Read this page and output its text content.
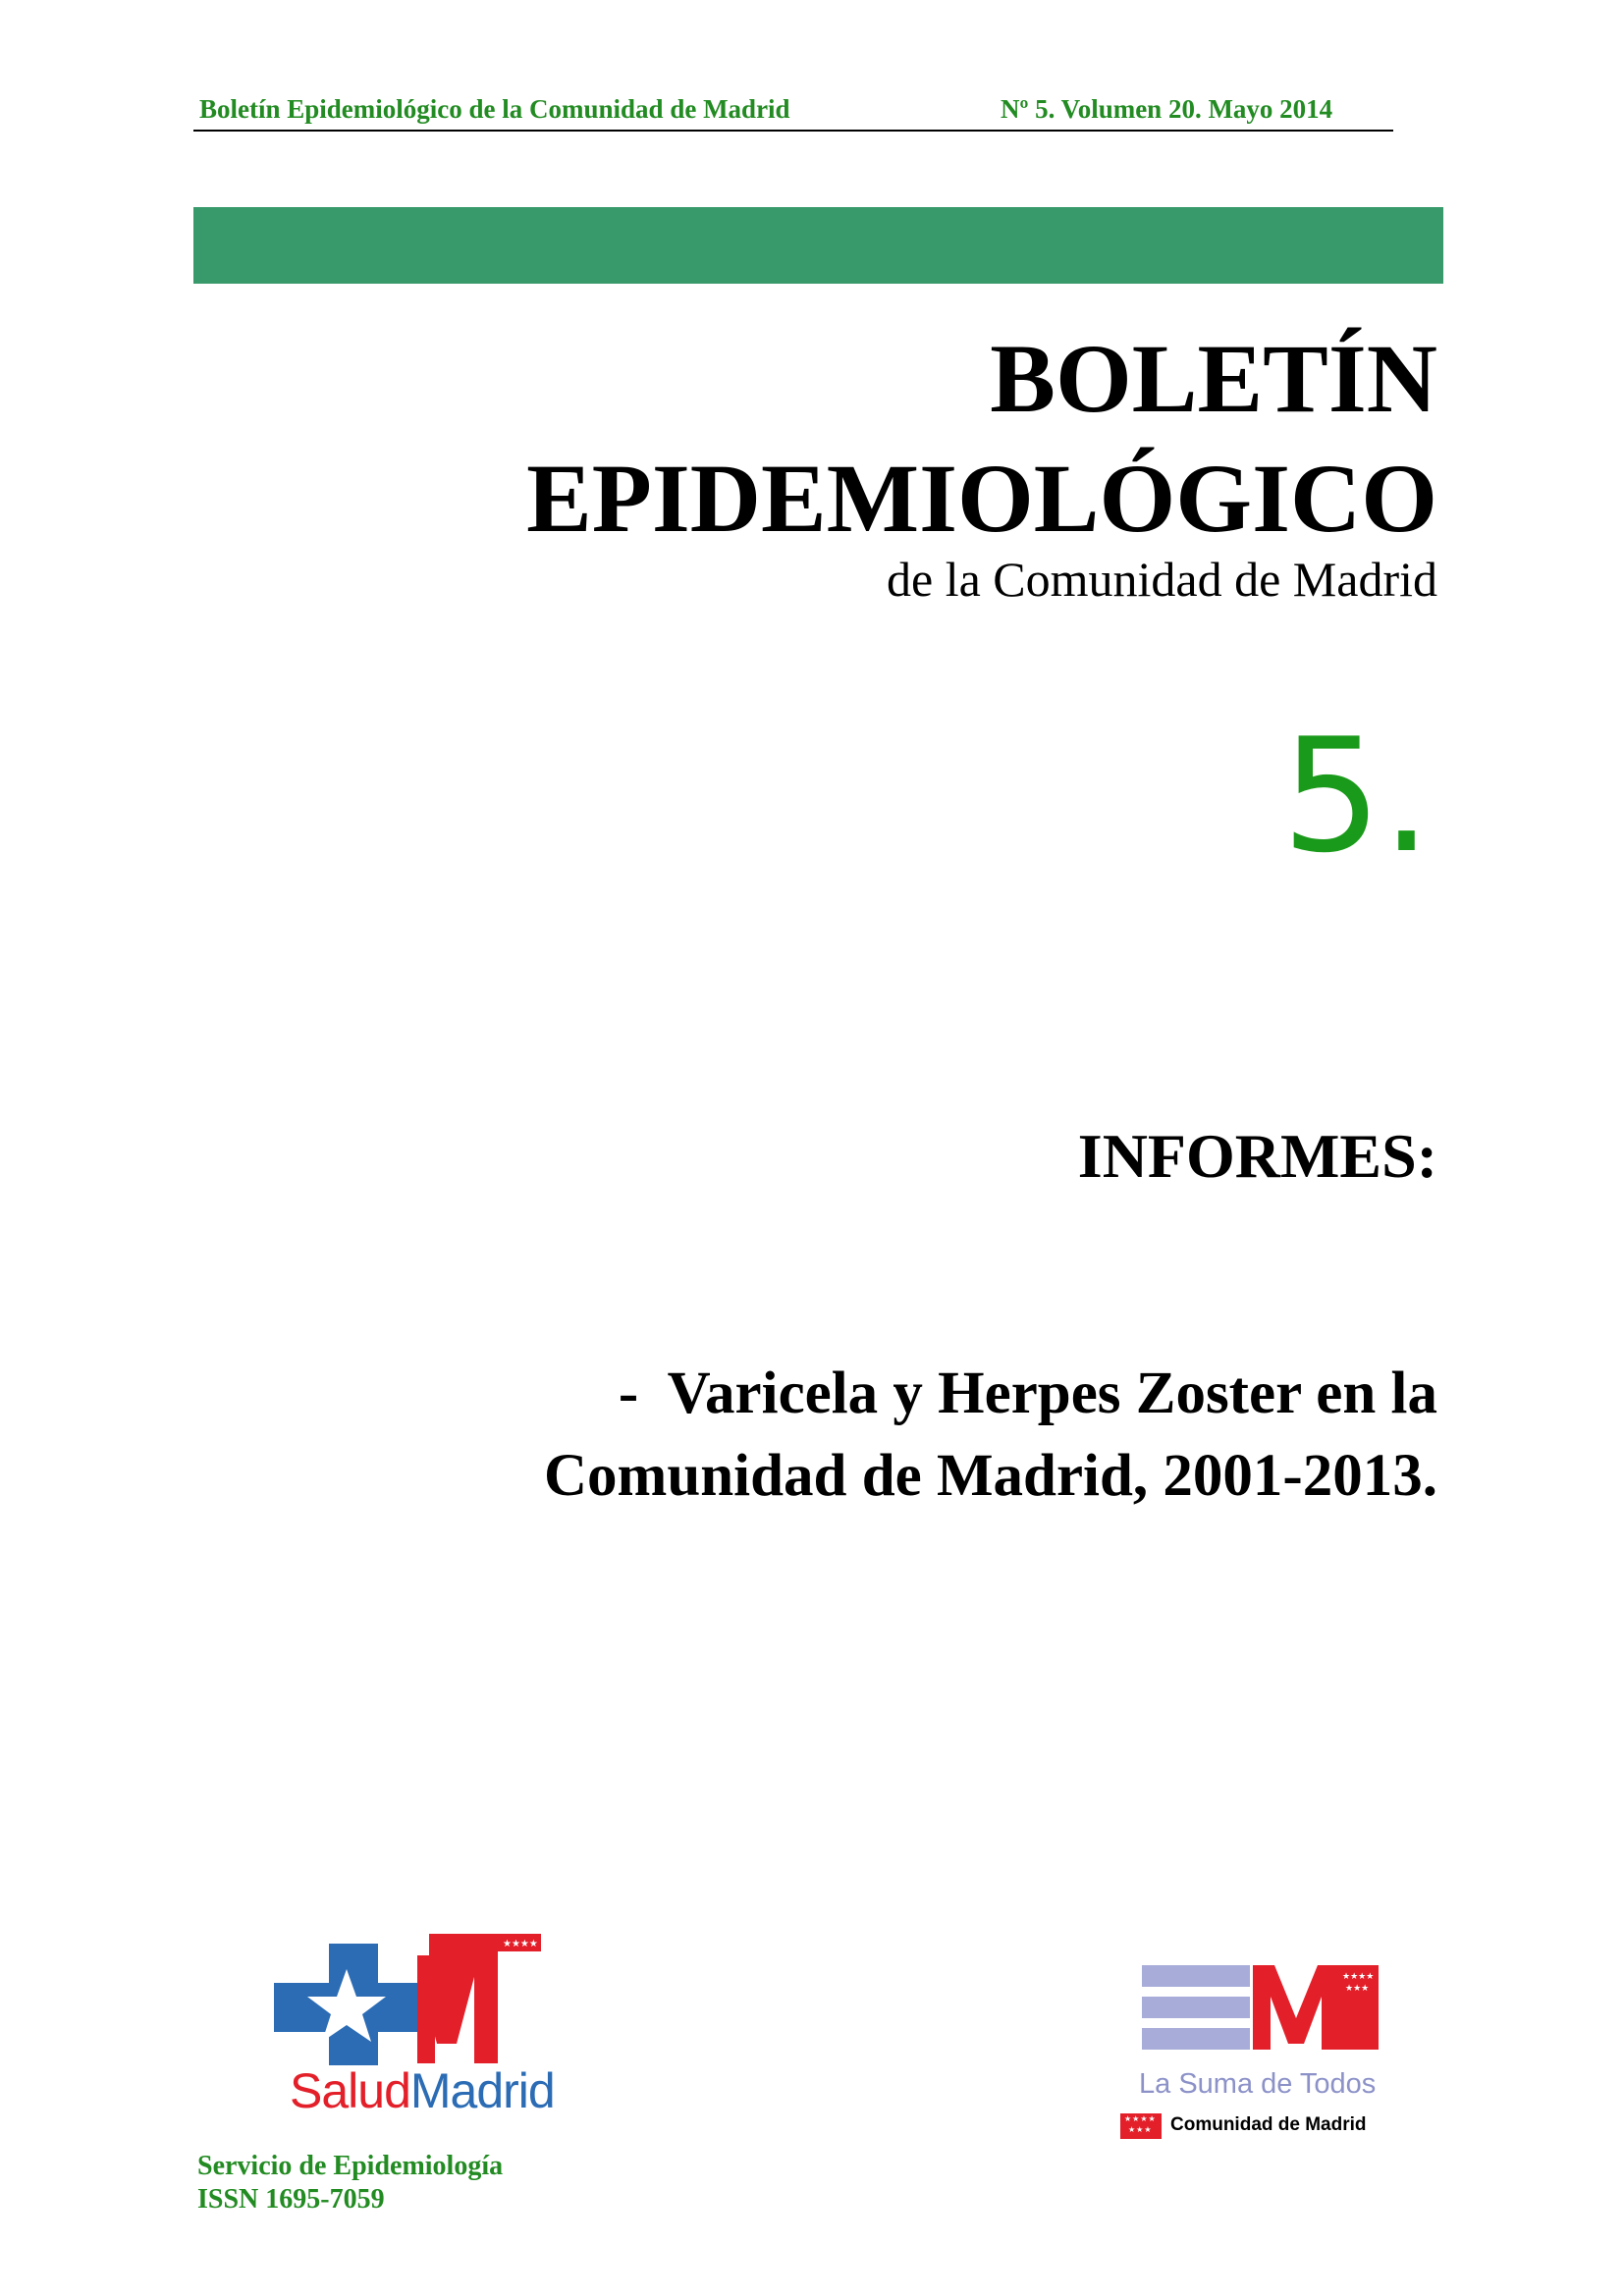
Boletín Epidemiológico de la Comunidad de Madrid	Nº 5. Volumen 20. Mayo 2014
BOLETÍN
EPIDEMIOLÓGICO
de la Comunidad de Madrid
5.
INFORMES:
-  Varicela y Herpes Zoster en la
Comunidad de Madrid, 2001-2013.
★★★★
SaludMadrid
Servicio de Epidemiología
ISSN 1695-7059
★★★★
★★★
La Suma de Todos
★★★★
★★★ Comunidad de Madrid
